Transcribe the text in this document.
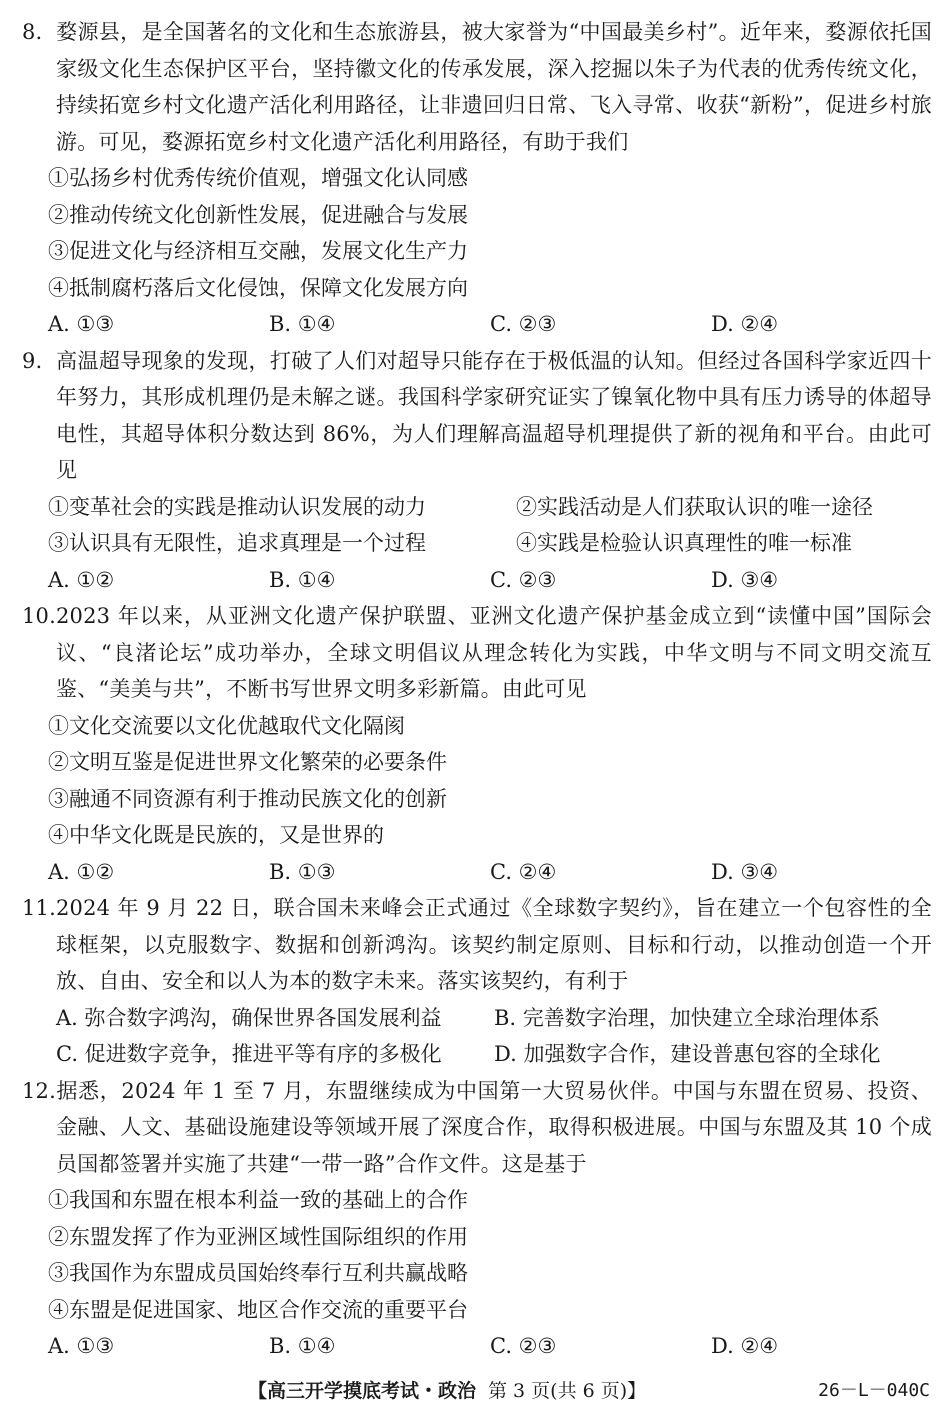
8. 婺源县，是全国著名的文化和生态旅游县，被大家誉为“中国最美乡村”。近年来，婺源依托国家级文化生态保护区平台，坚持徽文化的传承发展，深入挖掘以朱子为代表的优秀传统文化，持续拓宽乡村文化遗产活化利用路径，让非遗回归日常、飞入寻常、收获“新粉”，促进乡村旅游。可见，婺源拓宽乡村文化遗产活化利用路径，有助于我们
①弘扬乡村优秀传统价值观，增强文化认同感
②推动传统文化创新性发展，促进融合与发展
③促进文化与经济相互交融，发展文化生产力
④抵制腐朽落后文化侵蚀，保障文化发展方向
A. ①③	B. ①④	C. ②③	D. ②④
9. 高温超导现象的发现，打破了人们对超导只能存在于极低温的认知。但经过各国科学家近四十年努力，其形成机理仍是未解之谜。我国科学家研究证实了镍氧化物中具有压力诱导的体超导电性，其超导体积分数达到 86%，为人们理解高温超导机理提供了新的视角和平台。由此可见
①变革社会的实践是推动认识发展的动力	②实践活动是人们获取认识的唯一途径
③认识具有无限性，追求真理是一个过程	④实践是检验认识真理性的唯一标准
A. ①②	B. ①④	C. ②③	D. ③④
10.2023 年以来，从亚洲文化遗产保护联盟、亚洲文化遗产保护基金成立到“读懂中国”国际会议、“良渚论坛”成功举办，全球文明倡议从理念转化为实践，中华文明与不同文明交流互鉴、“美美与共”，不断书写世界文明多彩新篇。由此可见
①文化交流要以文化优越取代文化隔阂
②文明互鉴是促进世界文化繁荣的必要条件
③融通不同资源有利于推动民族文化的创新
④中华文化既是民族的，又是世界的
A. ①②	B. ①③	C. ②④	D. ③④
11.2024 年 9 月 22 日，联合国未来峰会正式通过《全球数字契约》，旨在建立一个包容性的全球框架，以克服数字、数据和创新鸿沟。该契约制定原则、目标和行动，以推动创造一个开放、自由、安全和以人为本的数字未来。落实该契约，有利于
A. 弥合数字鸿沟，确保世界各国发展利益	B. 完善数字治理，加快建立全球治理体系
C. 促进数字竞争，推进平等有序的多极化	D. 加强数字合作，建设普惠包容的全球化
12.据悉，2024 年 1 至 7 月，东盟继续成为中国第一大贸易伙伴。中国与东盟在贸易、投资、金融、人文、基础设施建设等领域开展了深度合作，取得积极进展。中国与东盟及其 10 个成员国都签署并实施了共建“一带一路”合作文件。这是基于
①我国和东盟在根本利益一致的基础上的合作
②东盟发挥了作为亚洲区域性国际组织的作用
③我国作为东盟成员国始终奉行互利共赢战略
④东盟是促进国家、地区合作交流的重要平台
A. ①③	B. ①④	C. ②③	D. ②④
【高三开学摸底考试・政治 第 3 页(共 6 页)】	26－L－040C
